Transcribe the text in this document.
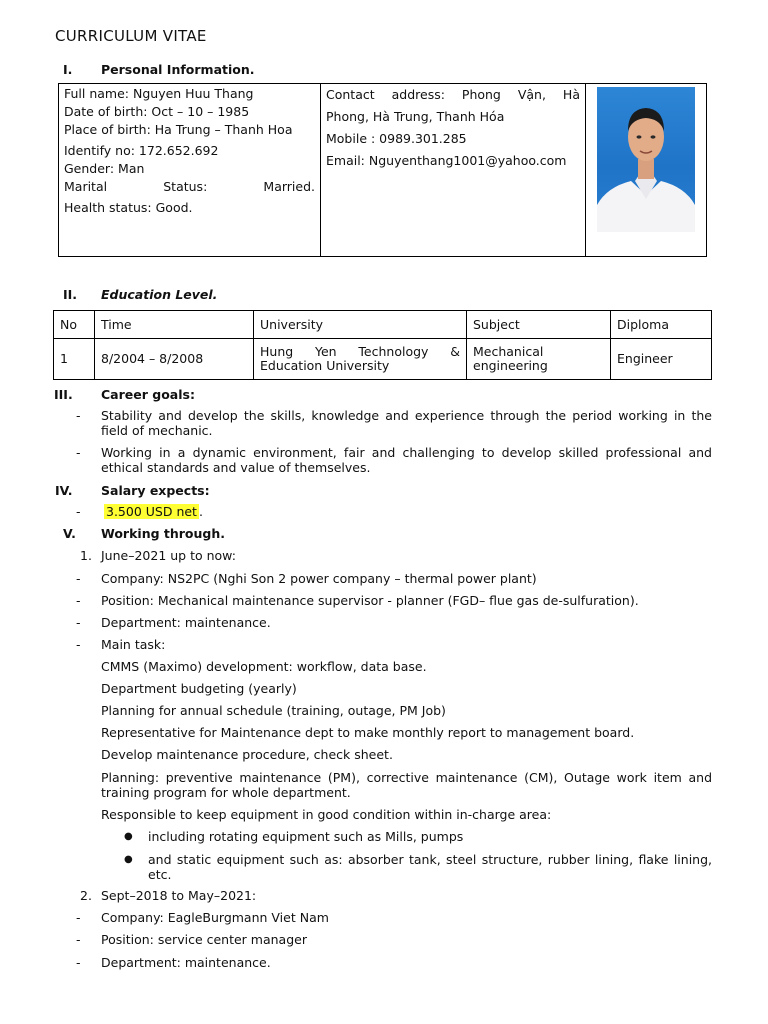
CURRICULUM VITAE
I. Personal Information.
Full name: Nguyen Huu Thang
Date of birth: Oct – 10 – 1985
Place of birth: Ha Trung – Thanh Hoa
Identify no: 172.652.692
Gender: Man
Marital	Status:	Married.
Health status: Good.

Contact address: Phong Vận, Hà
Phong, Hà Trung, Thanh Hóa
Mobile : 0989.301.285
Email: Nguyenthang1001@yahoo.com

II. Education Level.
No	Time	University	Subject	Diploma
1	8/2004 – 8/2008	Hung Yen Technology & Education University	Mechanical engineering	Engineer
III. Career goals:
- Stability and develop the skills, knowledge and experience through the period working in the field of mechanic.
- Working in a dynamic environment, fair and challenging to develop skilled professional and ethical standards and value of themselves.
IV. Salary expects:
- 3.500 USD net .
V. Working through.
1. June–2021 up to now:
- Company: NS2PC (Nghi Son 2 power company – thermal power plant)
- Position: Mechanical maintenance supervisor - planner (FGD– flue gas de-sulfuration).
- Department: maintenance.
- Main task:
CMMS (Maximo) development: workflow, data base.
Department budgeting (yearly)
Planning for annual schedule (training, outage, PM Job)
Representative for Maintenance dept to make monthly report to management board.
Develop maintenance procedure, check sheet.
Planning: preventive maintenance (PM), corrective maintenance (CM), Outage work item and training program for whole department.
Responsible to keep equipment in good condition within in-charge area:
● including rotating equipment such as Mills, pumps
● and static equipment such as: absorber tank, steel structure, rubber lining, flake lining, etc.
2. Sept–2018 to May–2021:
- Company: EagleBurgmann Viet Nam
- Position: service center manager
- Department: maintenance.
